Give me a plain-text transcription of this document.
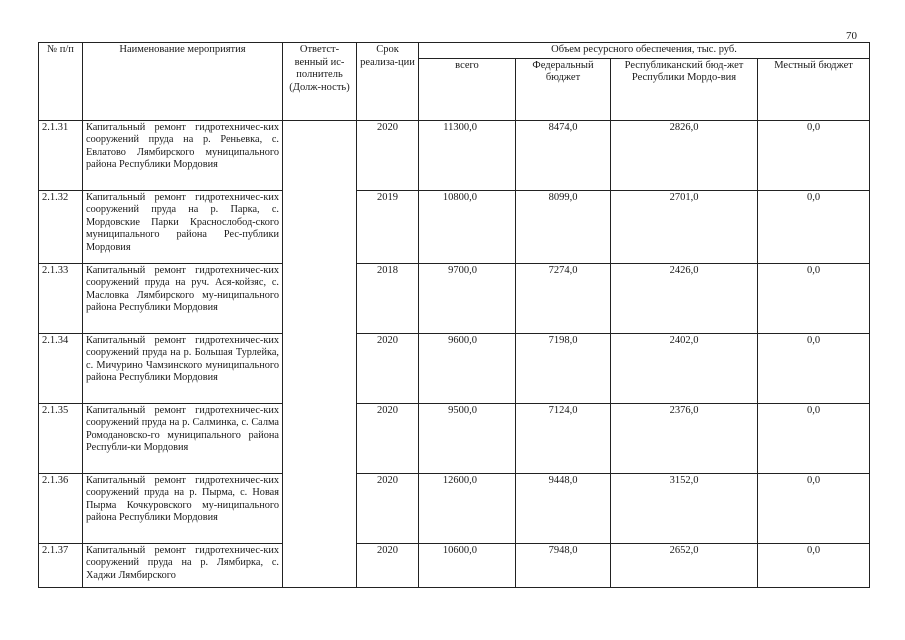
70
№ п/п	Наименование мероприятия	Ответст-венный ис-полнитель (Долж-ность)	Срок реализа-ции	Объем ресурсного обеспечения, тыс. руб.			
				всего	Федеральный бюджет	Республиканский бюд-жет Республики Мордо-вия	Местный бюджет
2.1.31	Капитальный ремонт гидротехничес-ких сооружений пруда на р. Реньевка, с. Евлатово Лямбирского муниципального района Республики Мордовия		2020	11300,0	8474,0	2826,0	0,0
2.1.32	Капитальный ремонт гидротехничес-ких сооружений пруда на р. Парка, с. Мордовские Парки Краснослобод-ского муниципального района Рес-публики Мордовия		2019	10800,0	8099,0	2701,0	0,0
2.1.33	Капитальный ремонт гидротехничес-ких сооружений пруда на руч. Ася-койзяс, с. Масловка Лямбирского му-ниципального района Республики Мордовия		2018	9700,0	7274,0	2426,0	0,0
2.1.34	Капитальный ремонт гидротехничес-ких сооружений пруда на р. Большая Турлейка, с. Мичурино Чамзинского муниципального района Республики Мордовия		2020	9600,0	7198,0	2402,0	0,0
2.1.35	Капитальный ремонт гидротехничес-ких сооружений пруда на р. Салминка, с. Салма Ромодановско-го муниципального района Республи-ки Мордовия		2020	9500,0	7124,0	2376,0	0,0
2.1.36	Капитальный ремонт гидротехничес-ких сооружений пруда на р. Пырма, с. Новая Пырма Кочкуровского му-ниципального района Республики Мордовия		2020	12600,0	9448,0	3152,0	0,0
2.1.37	Капитальный ремонт гидротехничес-ких сооружений пруда на р. Лямбирка, с. Хаджи Лямбирского		2020	10600,0	7948,0	2652,0	0,0
